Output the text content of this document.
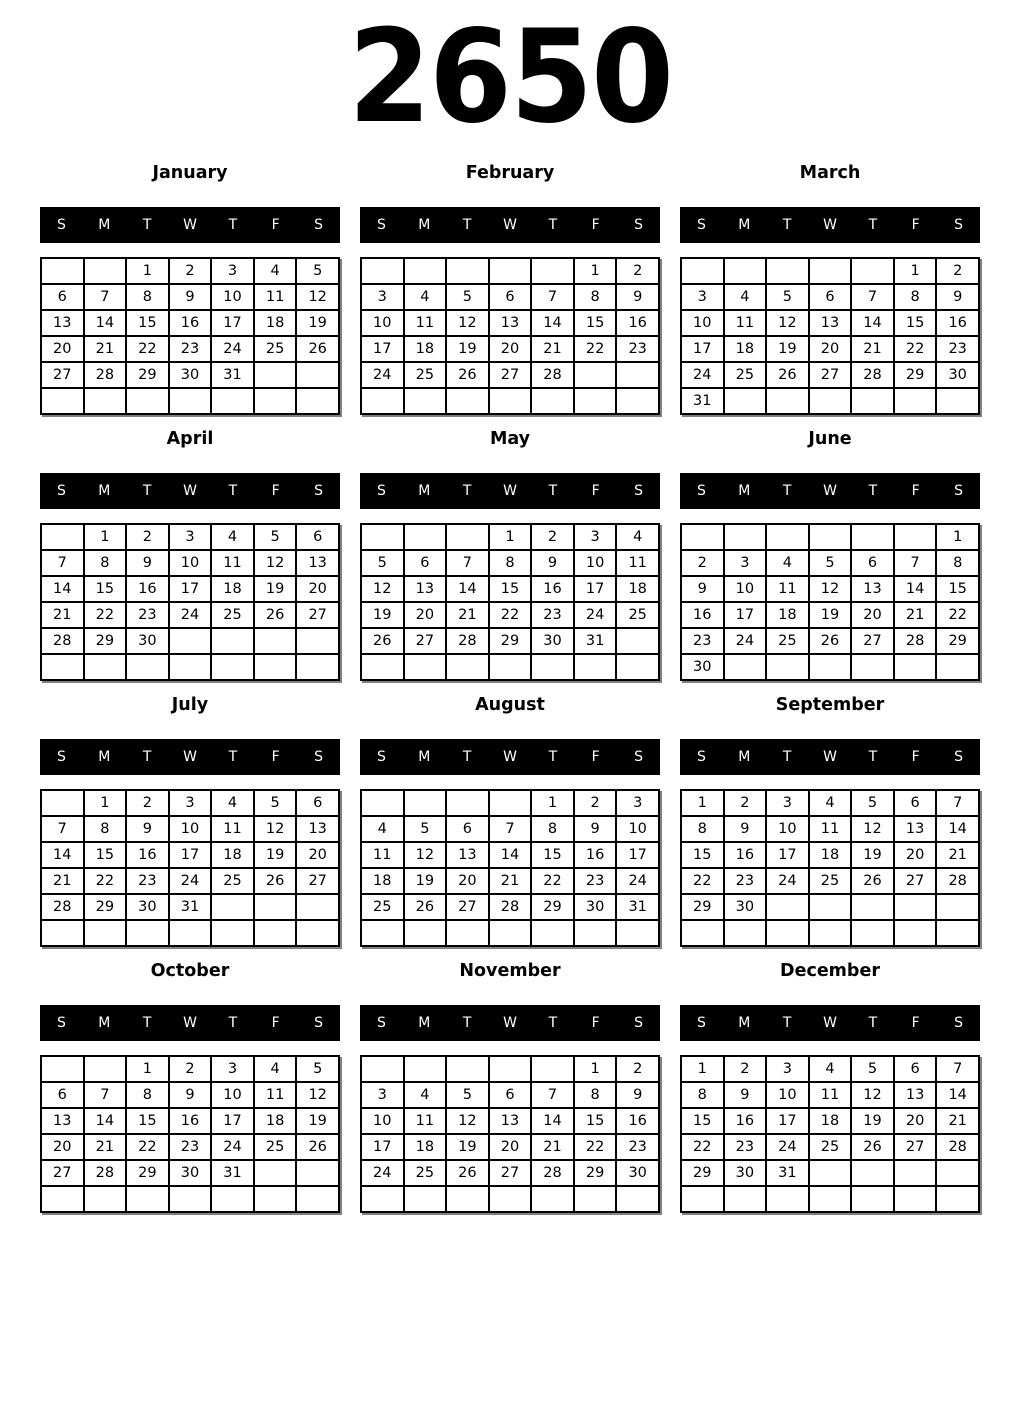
2650
January
S	M	T	W	T	F	S
		1	2	3	4	5
6	7	8	9	10	11	12
13	14	15	16	17	18	19
20	21	22	23	24	25	26
27	28	29	30	31		

February
S	M	T	W	T	F	S
					1	2
3	4	5	6	7	8	9
10	11	12	13	14	15	16
17	18	19	20	21	22	23
24	25	26	27	28		

March
S	M	T	W	T	F	S
					1	2
3	4	5	6	7	8	9
10	11	12	13	14	15	16
17	18	19	20	21	22	23
24	25	26	27	28	29	30
31						
April
S	M	T	W	T	F	S
	1	2	3	4	5	6
7	8	9	10	11	12	13
14	15	16	17	18	19	20
21	22	23	24	25	26	27
28	29	30				

May
S	M	T	W	T	F	S
			1	2	3	4
5	6	7	8	9	10	11
12	13	14	15	16	17	18
19	20	21	22	23	24	25
26	27	28	29	30	31	

June
S	M	T	W	T	F	S
						1
2	3	4	5	6	7	8
9	10	11	12	13	14	15
16	17	18	19	20	21	22
23	24	25	26	27	28	29
30						
July
S	M	T	W	T	F	S
	1	2	3	4	5	6
7	8	9	10	11	12	13
14	15	16	17	18	19	20
21	22	23	24	25	26	27
28	29	30	31			

August
S	M	T	W	T	F	S
				1	2	3
4	5	6	7	8	9	10
11	12	13	14	15	16	17
18	19	20	21	22	23	24
25	26	27	28	29	30	31

September
S	M	T	W	T	F	S
1	2	3	4	5	6	7
8	9	10	11	12	13	14
15	16	17	18	19	20	21
22	23	24	25	26	27	28
29	30					

October
S	M	T	W	T	F	S
		1	2	3	4	5
6	7	8	9	10	11	12
13	14	15	16	17	18	19
20	21	22	23	24	25	26
27	28	29	30	31		

November
S	M	T	W	T	F	S
					1	2
3	4	5	6	7	8	9
10	11	12	13	14	15	16
17	18	19	20	21	22	23
24	25	26	27	28	29	30

December
S	M	T	W	T	F	S
1	2	3	4	5	6	7
8	9	10	11	12	13	14
15	16	17	18	19	20	21
22	23	24	25	26	27	28
29	30	31				
